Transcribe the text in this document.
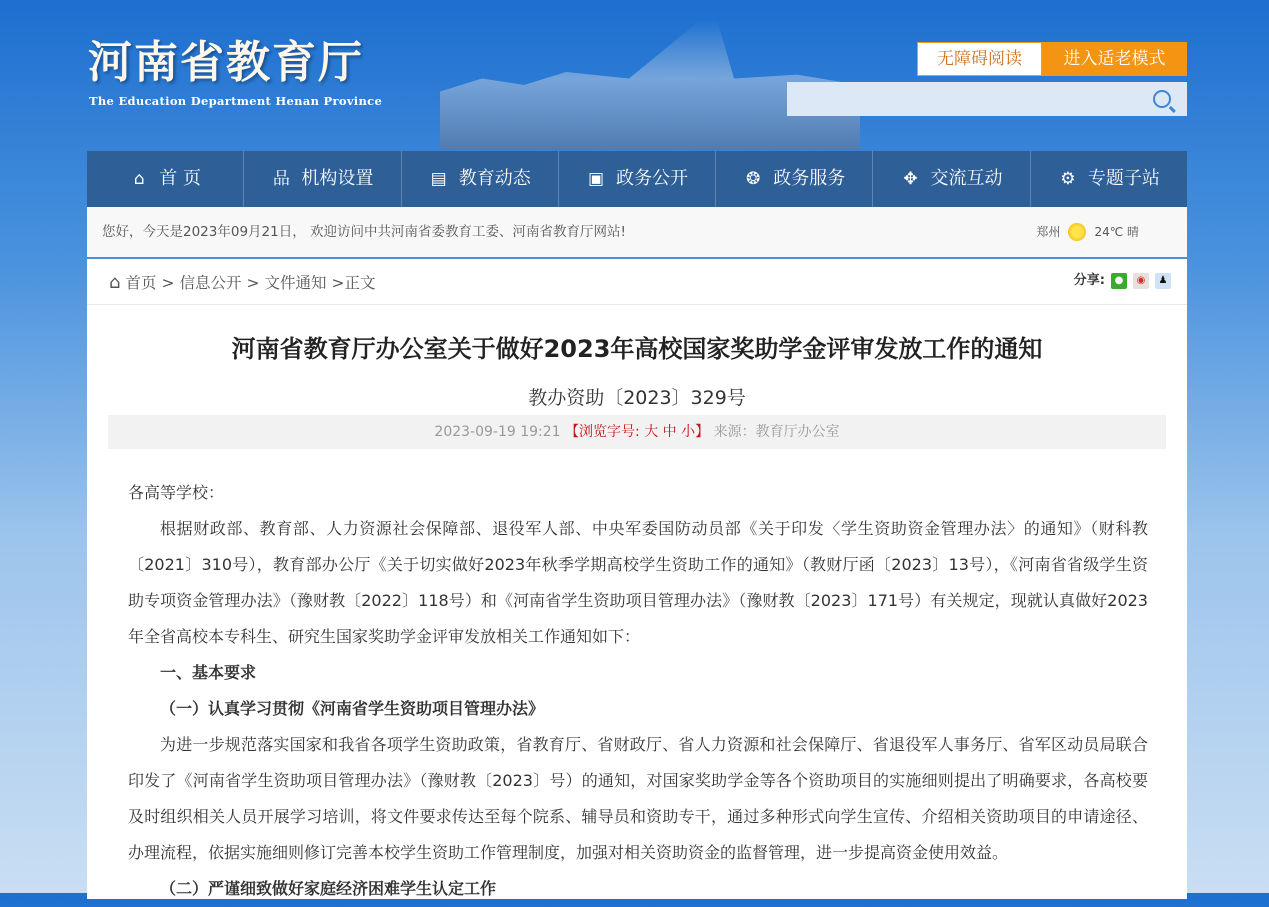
河南省教育厅
The Education Department Henan Province
无障碍阅读	进入适老模式
⌂ 首 页	品 机构设置	▤ 教育动态	▣ 政务公开	❂ 政务服务	✥ 交流互动	⚙ 专题子站
您好，今天是2023年09月21日， 欢迎访问中共河南省委教育工委、河南省教育厅网站!	郑州	24℃ 晴
⌂ 首页 > 信息公开 > 文件通知 >正文	分享: ●	◉	♟
河南省教育厅办公室关于做好2023年高校国家奖助学金评审发放工作的通知
教办资助〔2023〕329号
2023-09-19 19:21 【浏览字号: 大 中 小】 来源：教育厅办公室

各高等学校：

根据财政部、教育部、人力资源社会保障部、退役军人部、中央军委国防动员部《关于印发〈学生资助资金管理办法〉的通知》（财科教〔2021〕310号），教育部办公厅《关于切实做好2023年秋季学期高校学生资助工作的通知》（教财厅函〔2023〕13号），《河南省省级学生资助专项资金管理办法》（豫财教〔2022〕118号）和《河南省学生资助项目管理办法》（豫财教〔2023〕171号）有关规定，现就认真做好2023年全省高校本专科生、研究生国家奖助学金评审发放相关工作通知如下：

一、基本要求

（一）认真学习贯彻《河南省学生资助项目管理办法》

为进一步规范落实国家和我省各项学生资助政策，省教育厅、省财政厅、省人力资源和社会保障厅、省退役军人事务厅、省军区动员局联合印发了《河南省学生资助项目管理办法》（豫财教〔2023〕号）的通知，对国家奖助学金等各个资助项目的实施细则提出了明确要求，各高校要及时组织相关人员开展学习培训，将文件要求传达至每个院系、辅导员和资助专干，通过多种形式向学生宣传、介绍相关资助项目的申请途径、办理流程，依据实施细则修订完善本校学生资助工作管理制度，加强对相关资助资金的监督管理，进一步提高资金使用效益。

（二）严谨细致做好家庭经济困难学生认定工作
